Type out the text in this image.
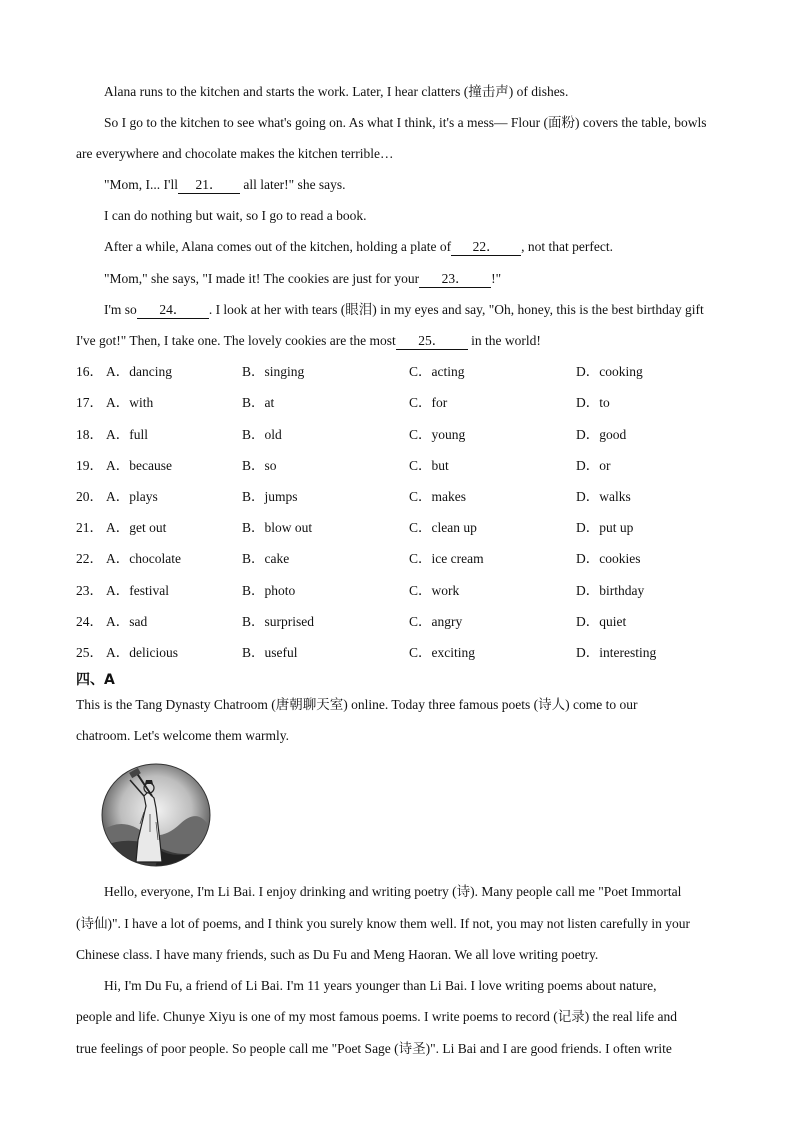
Alana runs to the kitchen and starts the work. Later, I hear clatters (撞击声) of dishes.
So I go to the kitchen to see what's going on. As what I think, it's a mess— Flour (面粉) covers the table, bowls
are everywhere and chocolate makes the kitchen terrible…
"Mom, I... I'll 21． all later!" she says.
I can do nothing but wait, so I go to read a book.
After a while, Alana comes out of the kitchen, holding a plate of 22． , not that perfect.
"Mom," she says, "I made it! The cookies are just for your 23． !"
I'm so 24． . I look at her with tears (眼泪) in my eyes and say, "Oh, honey, this is the best birthday gift
I've got!" Then, I take one. The lovely cookies are the most 25． in the world!
16． A．dancing	B．singing	C．acting	D．cooking
17． A．with	B．at	C．for	D．to
18． A．full	B．old	C．young	D．good
19． A．because	B．so	C．but	D．or
20． A．plays	B．jumps	C．makes	D．walks
21． A．get out	B．blow out	C．clean up	D．put up
22． A．chocolate	B．cake	C．ice cream	D．cookies
23． A．festival	B．photo	C．work	D．birthday
24． A．sad	B．surprised	C．angry	D．quiet
25． A．delicious	B．useful	C．exciting	D．interesting
四、A
This is the Tang Dynasty Chatroom (唐朝聊天室) online. Today three famous poets (诗人) come to our
chatroom. Let's welcome them warmly.
Hello, everyone, I'm Li Bai. I enjoy drinking and writing poetry (诗). Many people call me "Poet Immortal
(诗仙)". I have a lot of poems, and I think you surely know them well. If not, you may not listen carefully in your
Chinese class. I have many friends, such as Du Fu and Meng Haoran. We all love writing poetry.
Hi, I'm Du Fu, a friend of Li Bai. I'm 11 years younger than Li Bai. I love writing poems about nature,
people and life. Chunye Xiyu is one of my most famous poems. I write poems to record (记录) the real life and
true feelings of poor people. So people call me "Poet Sage (诗圣)". Li Bai and I are good friends. I often write
